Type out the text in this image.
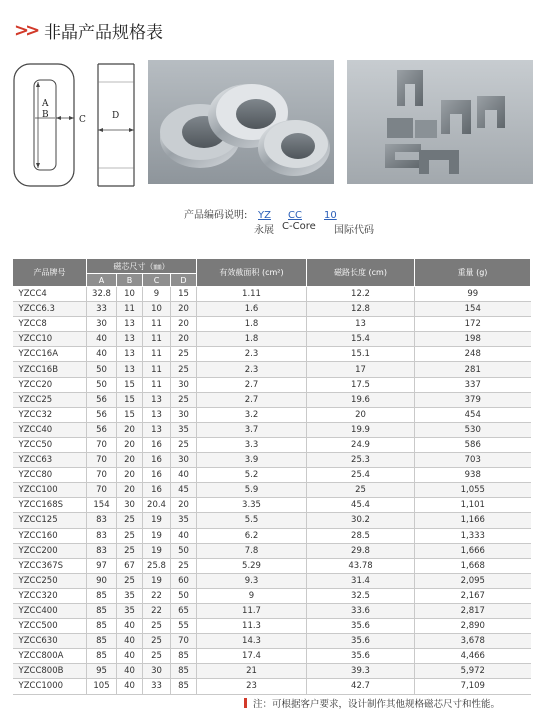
>> 非晶产品规格表
A
B	C	D
产品编码说明:	YZ	CC	10
永展 C-Core	国际代码
产品牌号	磁芯尺寸（㎜）				有效截面积 (cm²)	磁路长度 (cm)	重量 (g)
	A	B	C	D			
YZCC4	32.8	10	9	15	1.11	12.2	99
YZCC6.3	33	11	10	20	1.6	12.8	154
YZCC8	30	13	11	20	1.8	13	172
YZCC10	40	13	11	20	1.8	15.4	198
YZCC16A	40	13	11	25	2.3	15.1	248
YZCC16B	50	13	11	25	2.3	17	281
YZCC20	50	15	11	30	2.7	17.5	337
YZCC25	56	15	13	25	2.7	19.6	379
YZCC32	56	15	13	30	3.2	20	454
YZCC40	56	20	13	35	3.7	19.9	530
YZCC50	70	20	16	25	3.3	24.9	586
YZCC63	70	20	16	30	3.9	25.3	703
YZCC80	70	20	16	40	5.2	25.4	938
YZCC100	70	20	16	45	5.9	25	1,055
YZCC168S	154	30	20.4	20	3.35	45.4	1,101
YZCC125	83	25	19	35	5.5	30.2	1,166
YZCC160	83	25	19	40	6.2	28.5	1,333
YZCC200	83	25	19	50	7.8	29.8	1,666
YZCC367S	97	67	25.8	25	5.29	43.78	1,668
YZCC250	90	25	19	60	9.3	31.4	2,095
YZCC320	85	35	22	50	9	32.5	2,167
YZCC400	85	35	22	65	11.7	33.6	2,817
YZCC500	85	40	25	55	11.3	35.6	2,890
YZCC630	85	40	25	70	14.3	35.6	3,678
YZCC800A	85	40	25	85	17.4	35.6	4,466
YZCC800B	95	40	30	85	21	39.3	5,972
YZCC1000	105	40	33	85	23	42.7	7,109
注：可根据客户要求，设计制作其他规格磁芯尺寸和性能。
